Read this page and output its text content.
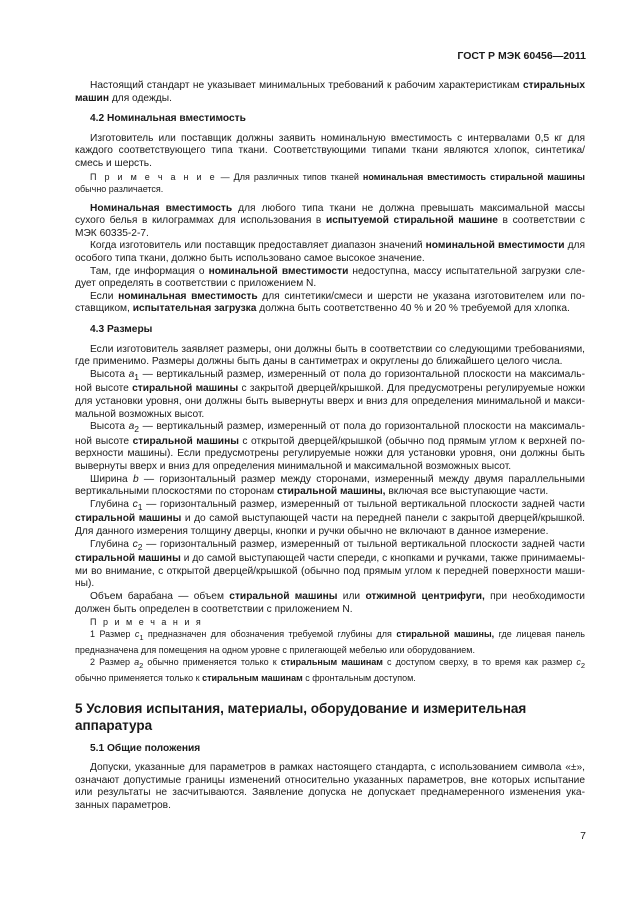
ГОСТ Р МЭК 60456—2011

Настоящий стандарт не указывает минимальных требований к рабочим характеристикам стиральных машин для одежды.

4.2 Номинальная вместимость

Изготовитель или поставщик должны заявить номинальную вместимость с интервалами 0,5 кг для каждого соответствующего типа ткани. Соответствующими типами ткани являются хлопок, синтетика/смесь и шерсть.

П р и м е ч а н и е — Для различных типов тканей номинальная вместимость стиральной машины обычно различается.

Номинальная вместимость для любого типа ткани не должна превышать максимальной массы сухого белья в килограммах для использования в испытуемой стиральной машине в соответствии с МЭК 60335-2-7.

Когда изготовитель или поставщик предоставляет диапазон значений номинальной вместимости для особого типа ткани, должно быть использовано самое высокое значение.

Там, где информация о номинальной вместимости недоступна, массу испытательной загрузки следует определять в соответствии с приложением N.

Если номинальная вместимость для синтетики/смеси и шерсти не указана изготовителем или поставщиком, испытательная загрузка должна быть соответственно 40 % и 20 % требуемой для хлопка.

4.3 Размеры

Если изготовитель заявляет размеры, они должны быть в соответствии со следующими требованиями, где применимо. Размеры должны быть даны в сантиметрах и округлены до ближайшего целого числа.

Высота $a_1$ — вертикальный размер, измеренный от пола до горизонтальной плоскости на максимальной высоте стиральной машины с закрытой дверцей/крышкой. Для предусмотрены регулируемые ножки для установки уровня, они должны быть вывернуты вверх и вниз для определения минимальной и максимальной возможных высот.

Высота $a_2$ — вертикальный размер, измеренный от пола до горизонтальной плоскости на максимальной высоте стиральной машины с открытой дверцей/крышкой (обычно под прямым углом к верхней поверхности машины). Если предусмотрены регулируемые ножки для установки уровня, они должны быть вывернуты вверх и вниз для определения минимальной и максимальной возможных высот.

Ширина b — горизонтальный размер между сторонами, измеренный между двумя параллельными вертикальными плоскостями по сторонам стиральной машины, включая все выступающие части.

Глубина $c_1$ — горизонтальный размер, измеренный от тыльной вертикальной плоскости задней части стиральной машины и до самой выступающей части на передней панели с закрытой дверцей/крышкой. Для данного измерения толщину дверцы, кнопки и ручки обычно не включают в данное измерение.

Глубина $c_2$ — горизонтальный размер, измеренный от тыльной вертикальной плоскости задней части стиральной машины и до самой выступающей части спереди, с кнопками и ручками, также принимаемыми во внимание, с открытой дверцей/крышкой (обычно под прямым углом к передней поверхности машины).

Объем барабана — объем стиральной машины или отжимной центрифуги, при необходимости должен быть определен в соответствии с приложением N.

П р и м е ч а н и я

1 Размер $c_1$ предназначен для обозначения требуемой глубины для стиральной машины, где лицевая панель предназначена для помещения на одном уровне с прилегающей мебелью или оборудованием.

2 Размер $a_2$ обычно применяется только к стиральным машинам с доступом сверху, в то время как размер $c_2$ обычно применяется только к стиральным машинам с фронтальным доступом.

5 Условия испытания, материалы, оборудование и измерительная аппаратура
5.1 Общие положения

Допуски, указанные для параметров в рамках настоящего стандарта, с использованием символа «±», означают допустимые границы изменений относительно указанных параметров, вне которых испытание или результаты не засчитываются. Заявление допуска не допускает преднамеренного изменения указанных параметров.

7
